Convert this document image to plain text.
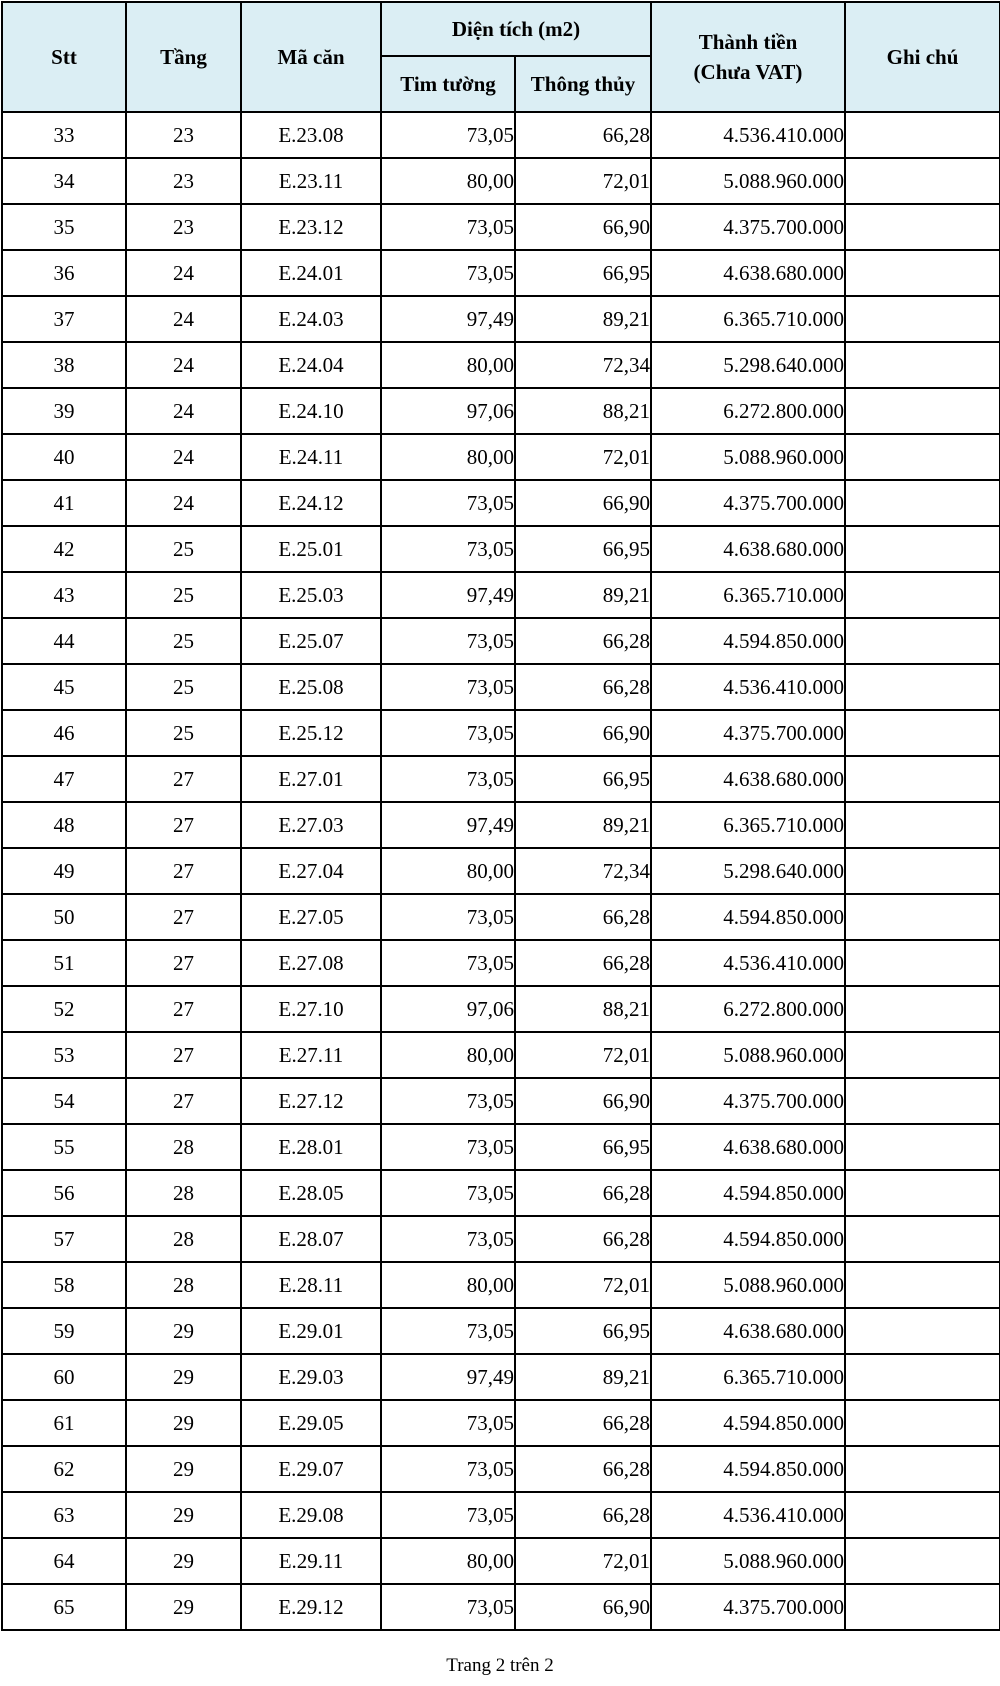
Stt	Tầng	Mã căn	Diện tích (m2)		Thành tiền
(Chưa VAT)	Ghi chú
			Tim tường	Thông thủy		
33	23	E.23.08	73,05	66,28	4.536.410.000	
34	23	E.23.11	80,00	72,01	5.088.960.000	
35	23	E.23.12	73,05	66,90	4.375.700.000	
36	24	E.24.01	73,05	66,95	4.638.680.000	
37	24	E.24.03	97,49	89,21	6.365.710.000	
38	24	E.24.04	80,00	72,34	5.298.640.000	
39	24	E.24.10	97,06	88,21	6.272.800.000	
40	24	E.24.11	80,00	72,01	5.088.960.000	
41	24	E.24.12	73,05	66,90	4.375.700.000	
42	25	E.25.01	73,05	66,95	4.638.680.000	
43	25	E.25.03	97,49	89,21	6.365.710.000	
44	25	E.25.07	73,05	66,28	4.594.850.000	
45	25	E.25.08	73,05	66,28	4.536.410.000	
46	25	E.25.12	73,05	66,90	4.375.700.000	
47	27	E.27.01	73,05	66,95	4.638.680.000	
48	27	E.27.03	97,49	89,21	6.365.710.000	
49	27	E.27.04	80,00	72,34	5.298.640.000	
50	27	E.27.05	73,05	66,28	4.594.850.000	
51	27	E.27.08	73,05	66,28	4.536.410.000	
52	27	E.27.10	97,06	88,21	6.272.800.000	
53	27	E.27.11	80,00	72,01	5.088.960.000	
54	27	E.27.12	73,05	66,90	4.375.700.000	
55	28	E.28.01	73,05	66,95	4.638.680.000	
56	28	E.28.05	73,05	66,28	4.594.850.000	
57	28	E.28.07	73,05	66,28	4.594.850.000	
58	28	E.28.11	80,00	72,01	5.088.960.000	
59	29	E.29.01	73,05	66,95	4.638.680.000	
60	29	E.29.03	97,49	89,21	6.365.710.000	
61	29	E.29.05	73,05	66,28	4.594.850.000	
62	29	E.29.07	73,05	66,28	4.594.850.000	
63	29	E.29.08	73,05	66,28	4.536.410.000	
64	29	E.29.11	80,00	72,01	5.088.960.000	
65	29	E.29.12	73,05	66,90	4.375.700.000	
Trang 2 trên 2
